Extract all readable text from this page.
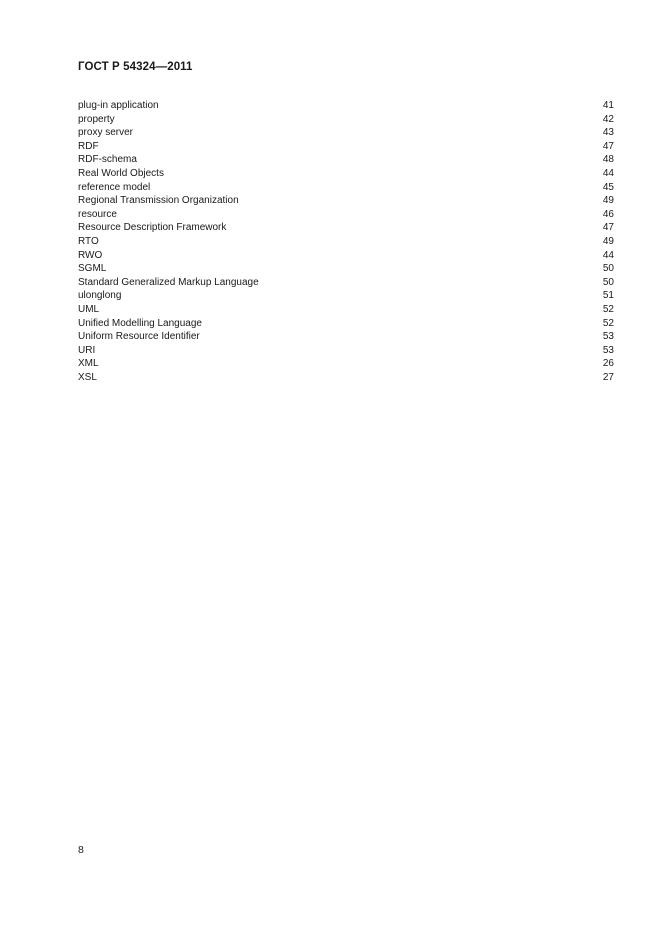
ГОСТ Р 54324—2011
plug-in application	41
property	42
proxy server	43
RDF	47
RDF-schema	48
Real World Objects	44
reference model	45
Regional Transmission Organization	49
resource	46
Resource Description Framework	47
RTO	49
RWO	44
SGML	50
Standard Generalized Markup Language	50
ulonglong	51
UML	52
Unified Modelling Language	52
Uniform Resource Identifier	53
URI	53
XML	26
XSL	27
8
